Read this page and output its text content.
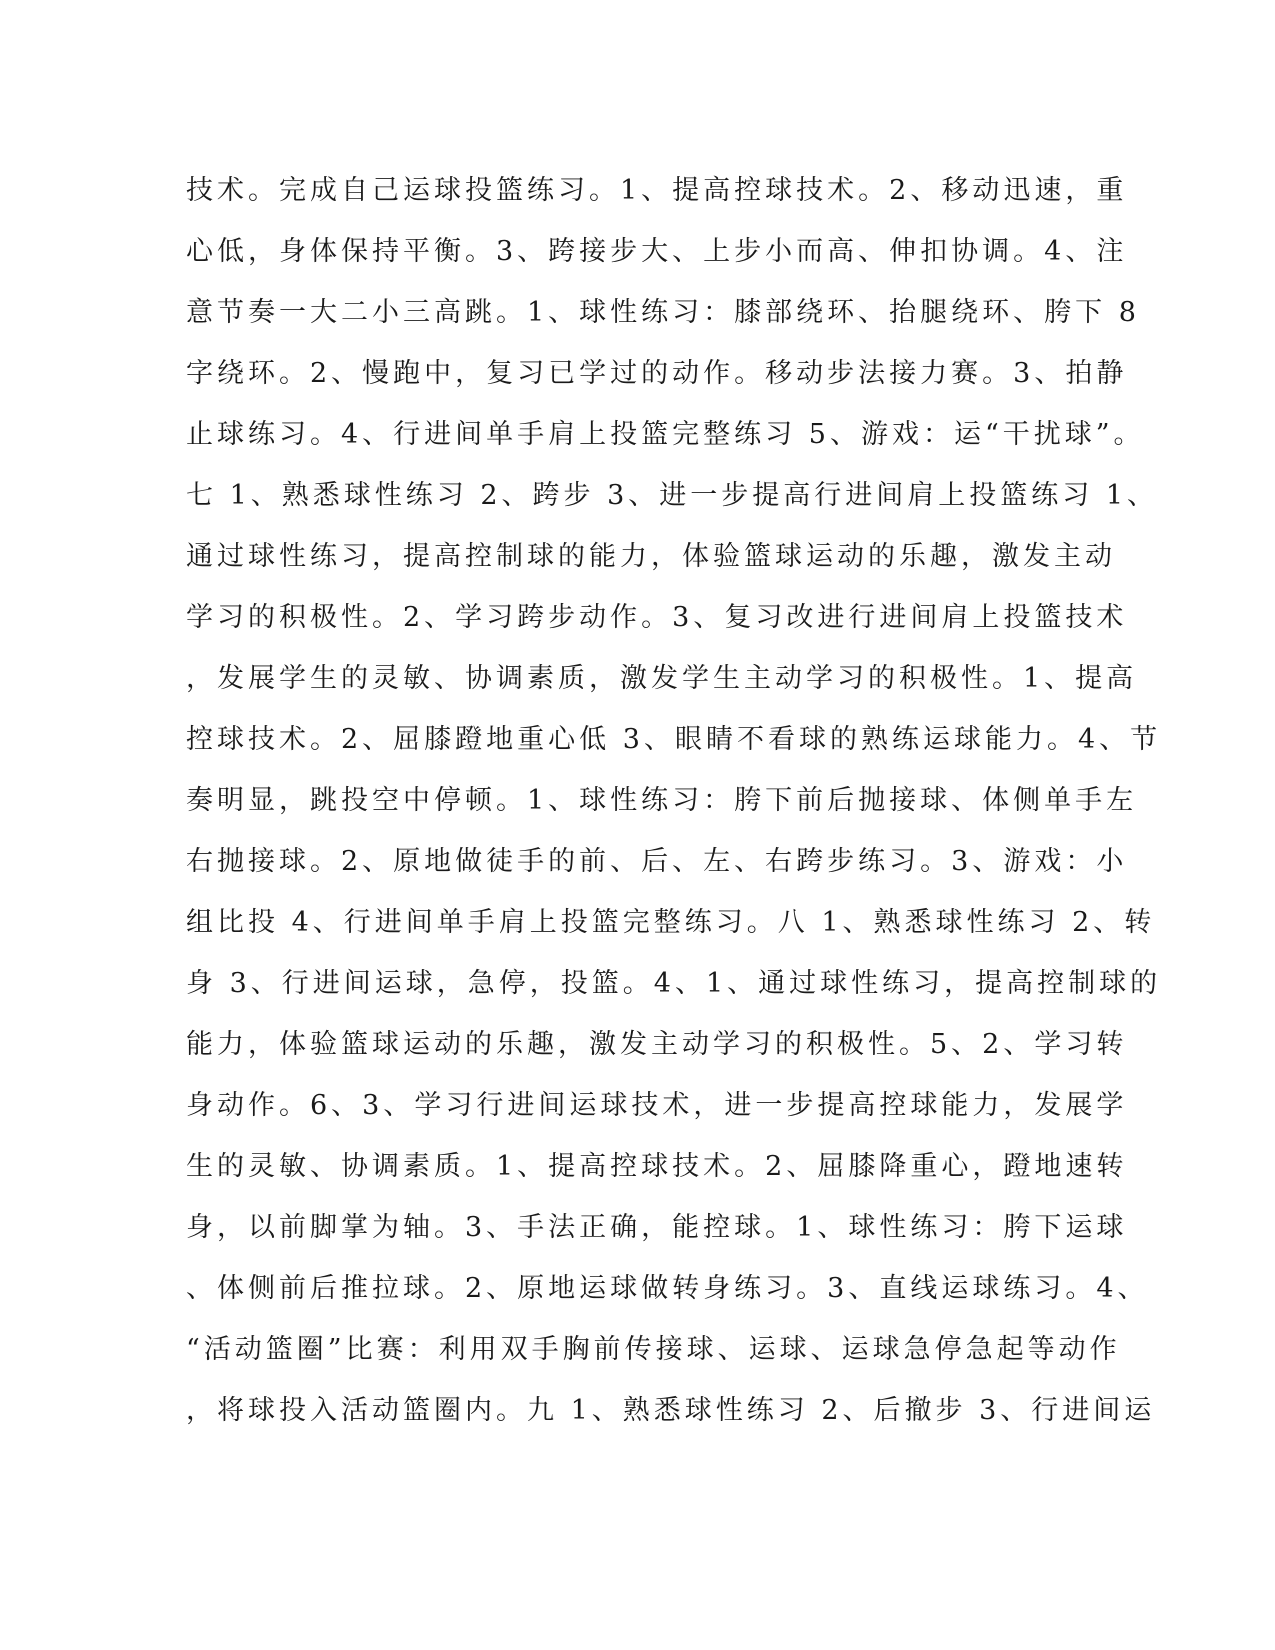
技术。完成自己运球投篮练习。1、提高控球技术。2、移动迅速，重
心低，身体保持平衡。3、跨接步大、上步小而高、伸扣协调。4、注
意节奏一大二小三高跳。1、球性练习：膝部绕环、抬腿绕环、胯下 8
字绕环。2、慢跑中，复习已学过的动作。移动步法接力赛。3、拍静
止球练习。4、行进间单手肩上投篮完整练习 5、游戏：运“干扰球”。
七 1、熟悉球性练习 2、跨步 3、进一步提高行进间肩上投篮练习 1、
通过球性练习，提高控制球的能力，体验篮球运动的乐趣，激发主动
学习的积极性。2、学习跨步动作。3、复习改进行进间肩上投篮技术
，发展学生的灵敏、协调素质，激发学生主动学习的积极性。1、提高
控球技术。2、屈膝蹬地重心低 3、眼睛不看球的熟练运球能力。4、节
奏明显，跳投空中停顿。1、球性练习：胯下前后抛接球、体侧单手左
右抛接球。2、原地做徒手的前、后、左、右跨步练习。3、游戏：小
组比投 4、行进间单手肩上投篮完整练习。八 1、熟悉球性练习 2、转
身 3、行进间运球，急停，投篮。4、1、通过球性练习，提高控制球的
能力，体验篮球运动的乐趣，激发主动学习的积极性。5、2、学习转
身动作。6、3、学习行进间运球技术，进一步提高控球能力，发展学
生的灵敏、协调素质。1、提高控球技术。2、屈膝降重心，蹬地速转
身，以前脚掌为轴。3、手法正确，能控球。1、球性练习：胯下运球
、体侧前后推拉球。2、原地运球做转身练习。3、直线运球练习。4、
“活动篮圈”比赛：利用双手胸前传接球、运球、运球急停急起等动作
，将球投入活动篮圈内。九 1、熟悉球性练习 2、后撤步 3、行进间运
